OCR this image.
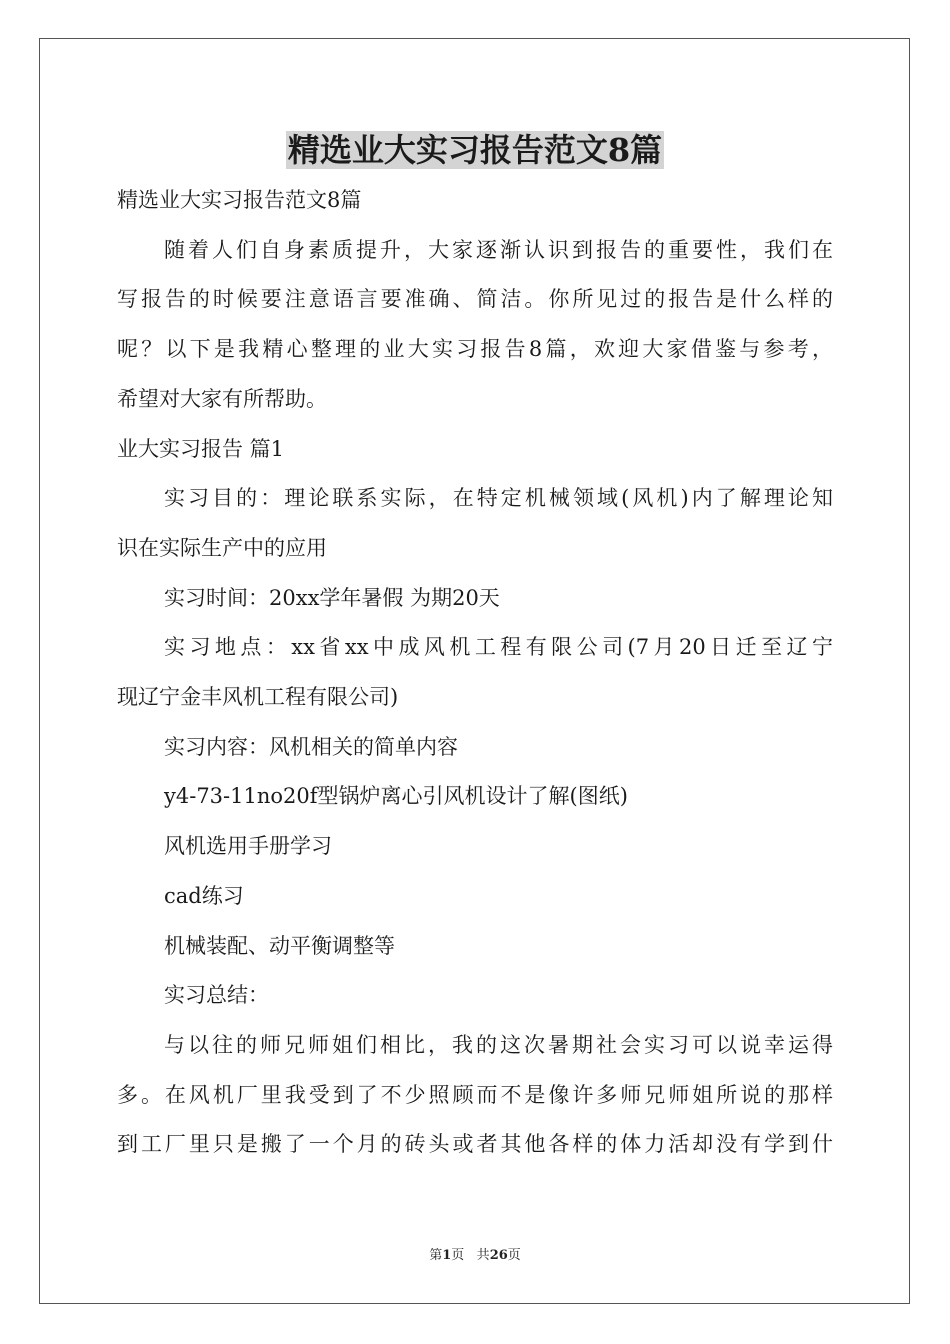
精选业大实习报告范文8篇
精选业大实习报告范文8篇
随着人们自身素质提升，大家逐渐认识到报告的重要性，我们在
写报告的时候要注意语言要准确、简洁。你所见过的报告是什么样的
呢？以下是我精心整理的业大实习报告8篇，欢迎大家借鉴与参考，
希望对大家有所帮助。
业大实习报告 篇1
实习目的：理论联系实际，在特定机械领域(风机)内了解理论知
识在实际生产中的应用
实习时间：20xx学年暑假 为期20天
实习地点：xx省xx中成风机工程有限公司(7月20日迁至辽宁
现辽宁金丰风机工程有限公司)
实习内容：风机相关的简单内容
y4-73-11no20f型锅炉离心引风机设计了解(图纸)
风机选用手册学习
cad练习
机械装配、动平衡调整等
实习总结：
与以往的师兄师姐们相比，我的这次暑期社会实习可以说幸运得
多。在风机厂里我受到了不少照顾而不是像许多师兄师姐所说的那样
到工厂里只是搬了一个月的砖头或者其他各样的体力活却没有学到什
第1页 共26页
